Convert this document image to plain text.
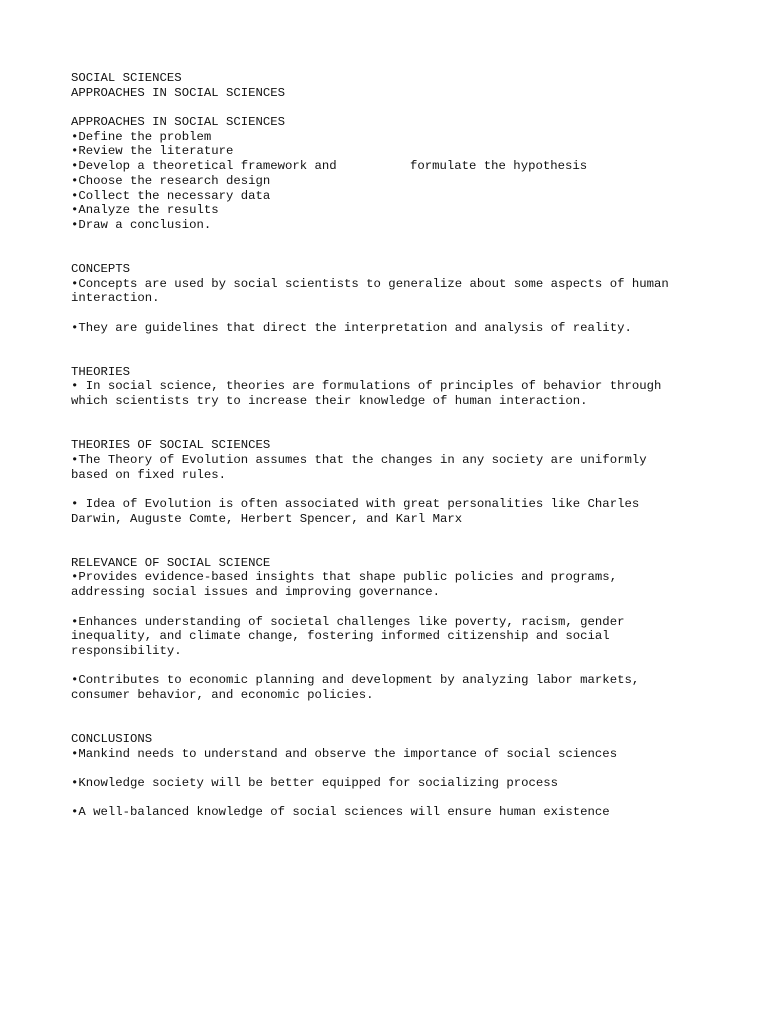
SOCIAL SCIENCES
APPROACHES IN SOCIAL SCIENCES
APPROACHES IN SOCIAL SCIENCES
•Define the problem
•Review the literature
•Develop a theoretical framework and	formulate the hypothesis
•Choose the research design
•Collect the necessary data
•Analyze the results
•Draw a conclusion.
CONCEPTS
•Concepts are used by social scientists to generalize about some aspects of human
interaction.
•They are guidelines that direct the interpretation and analysis of reality.
THEORIES
• In social science, theories are formulations of principles of behavior through
which scientists try to increase their knowledge of human interaction.
THEORIES OF SOCIAL SCIENCES
•The Theory of Evolution assumes that the changes in any society are uniformly
based on fixed rules.
• Idea of Evolution is often associated with great personalities like Charles
Darwin, Auguste Comte, Herbert Spencer, and Karl Marx
RELEVANCE OF SOCIAL SCIENCE
•Provides evidence-based insights that shape public policies and programs,
addressing social issues and improving governance.
•Enhances understanding of societal challenges like poverty, racism, gender
inequality, and climate change, fostering informed citizenship and social
responsibility.
•Contributes to economic planning and development by analyzing labor markets,
consumer behavior, and economic policies.
CONCLUSIONS
•Mankind needs to understand and observe the importance of social sciences
•Knowledge society will be better equipped for socializing process
•A well-balanced knowledge of social sciences will ensure human existence
